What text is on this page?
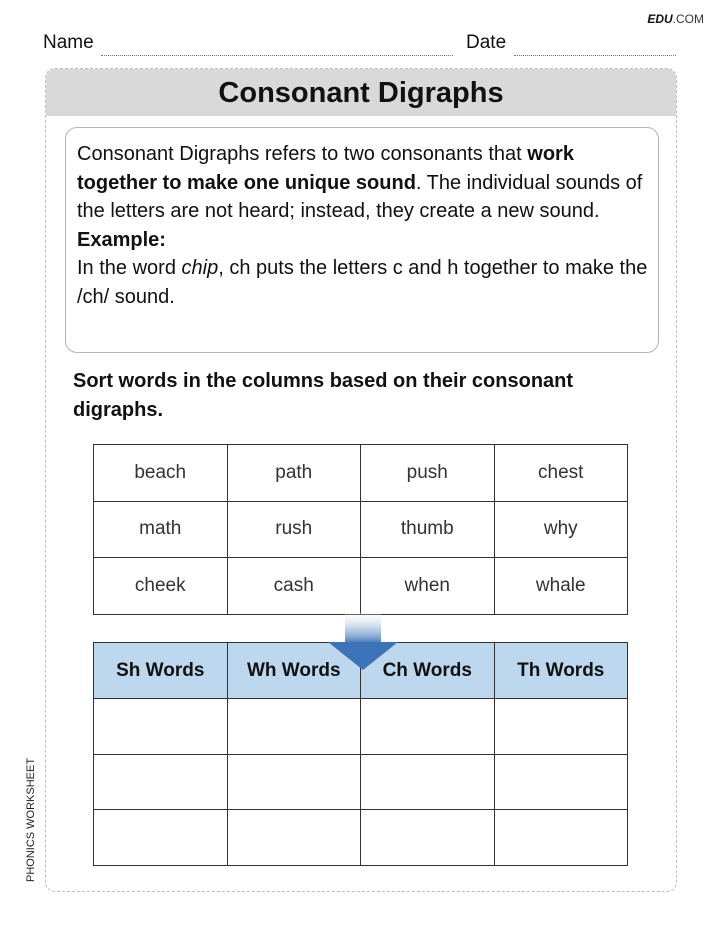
EDU.COM
Name	Date
Consonant Digraphs
Consonant Digraphs refers to two consonants that work together to make one unique sound. The individual sounds of the letters are not heard; instead, they create a new sound.
Example:
In the word chip, ch puts the letters c and h together to make the /ch/ sound.
Sort words in the columns based on their consonant digraphs.
beach	path	push	chest
math	rush	thumb	why
cheek	cash	when	whale
Sh Words	Wh Words	Ch Words	Th Words

PHONICS WORKSHEET
